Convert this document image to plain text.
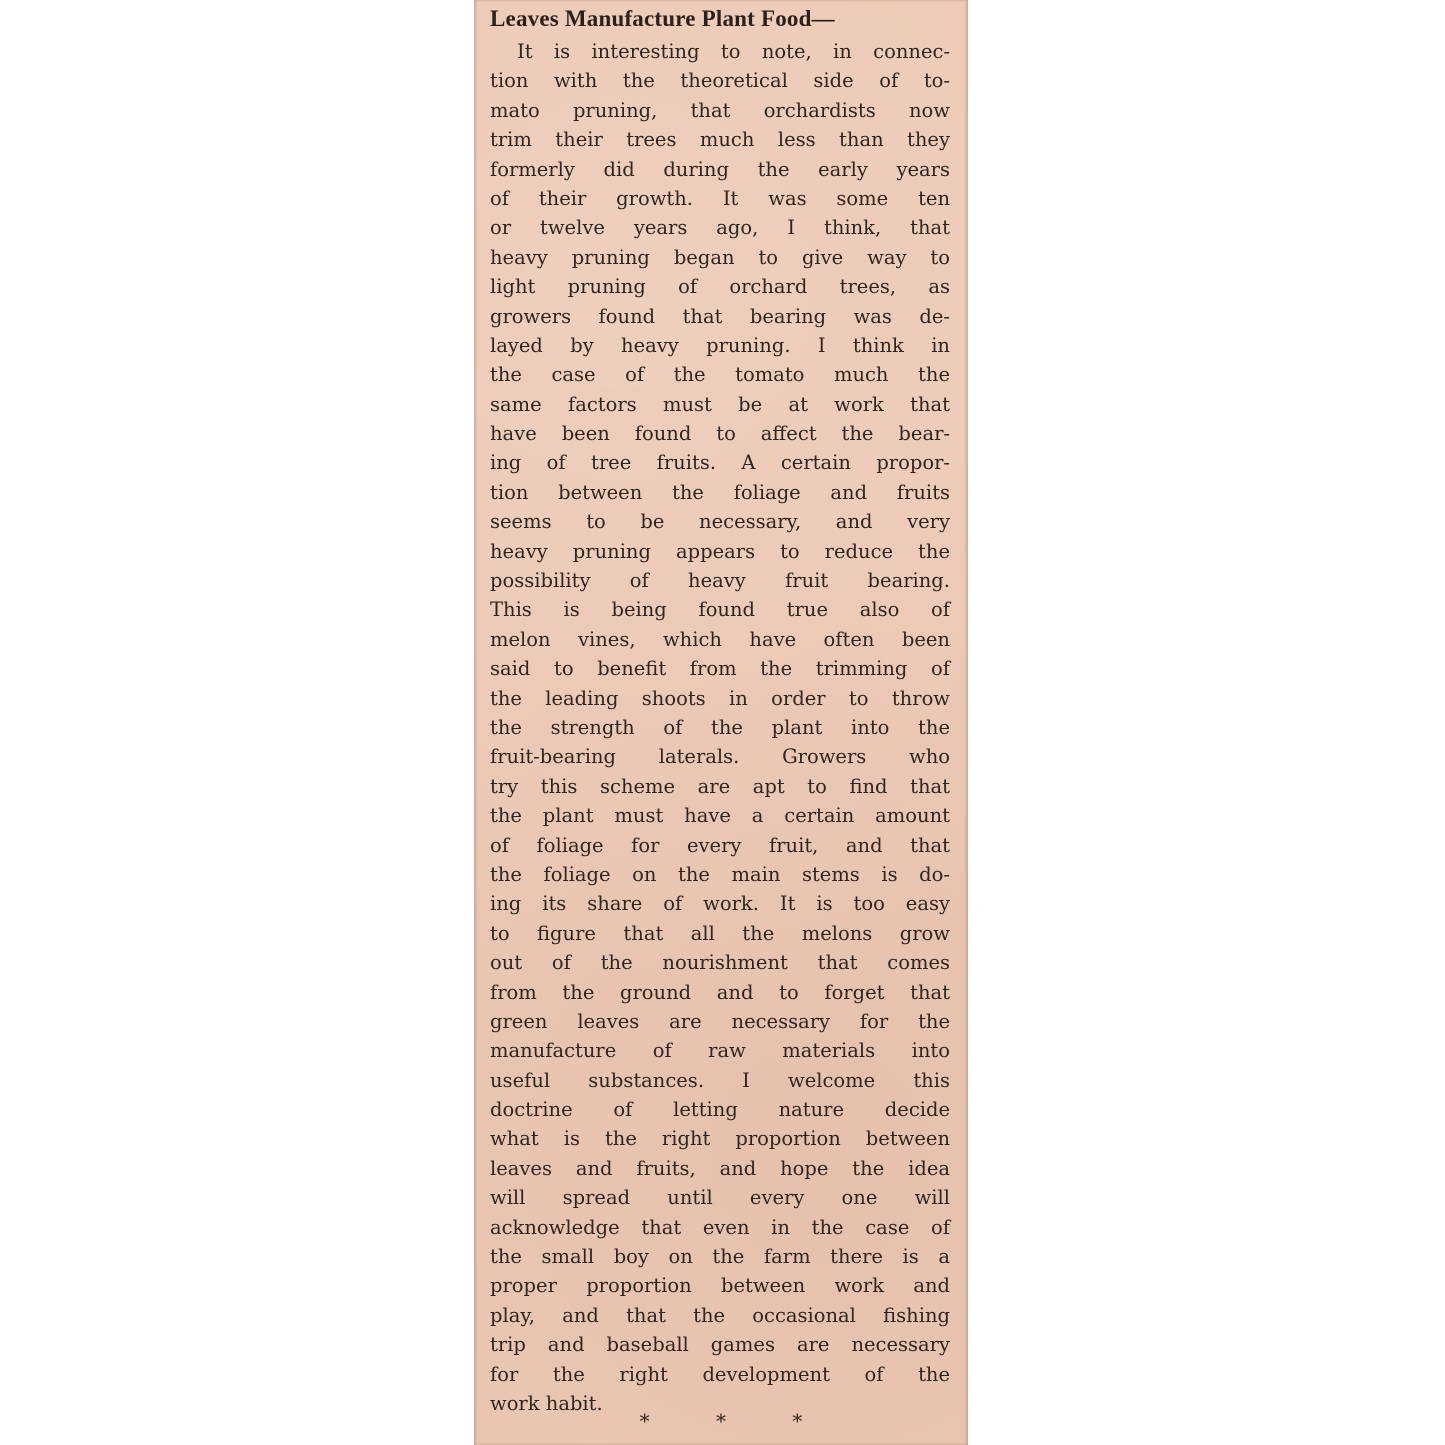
Leaves Manufacture Plant Food—
It is interesting to note, in connec-
tion with the theoretical side of to-
mato pruning, that orchardists now
trim their trees much less than they
formerly did during the early years
of their growth. It was some ten
or twelve years ago, I think, that
heavy pruning began to give way to
light pruning of orchard trees, as
growers found that bearing was de-
layed by heavy pruning. I think in
the case of the tomato much the
same factors must be at work that
have been found to affect the bear-
ing of tree fruits. A certain propor-
tion between the foliage and fruits
seems to be necessary, and very
heavy pruning appears to reduce the
possibility of heavy fruit bearing.
This is being found true also of
melon vines, which have often been
said to benefit from the trimming of
the leading shoots in order to throw
the strength of the plant into the
fruit-bearing laterals. Growers who
try this scheme are apt to find that
the plant must have a certain amount
of foliage for every fruit, and that
the foliage on the main stems is do-
ing its share of work. It is too easy
to figure that all the melons grow
out of the nourishment that comes
from the ground and to forget that
green leaves are necessary for the
manufacture of raw materials into
useful substances. I welcome this
doctrine of letting nature decide
what is the right proportion between
leaves and fruits, and hope the idea
will spread until every one will
acknowledge that even in the case of
the small boy on the farm there is a
proper proportion between work and
play, and that the occasional fishing
trip and baseball games are necessary
for the right development of the
work habit.
* * *
